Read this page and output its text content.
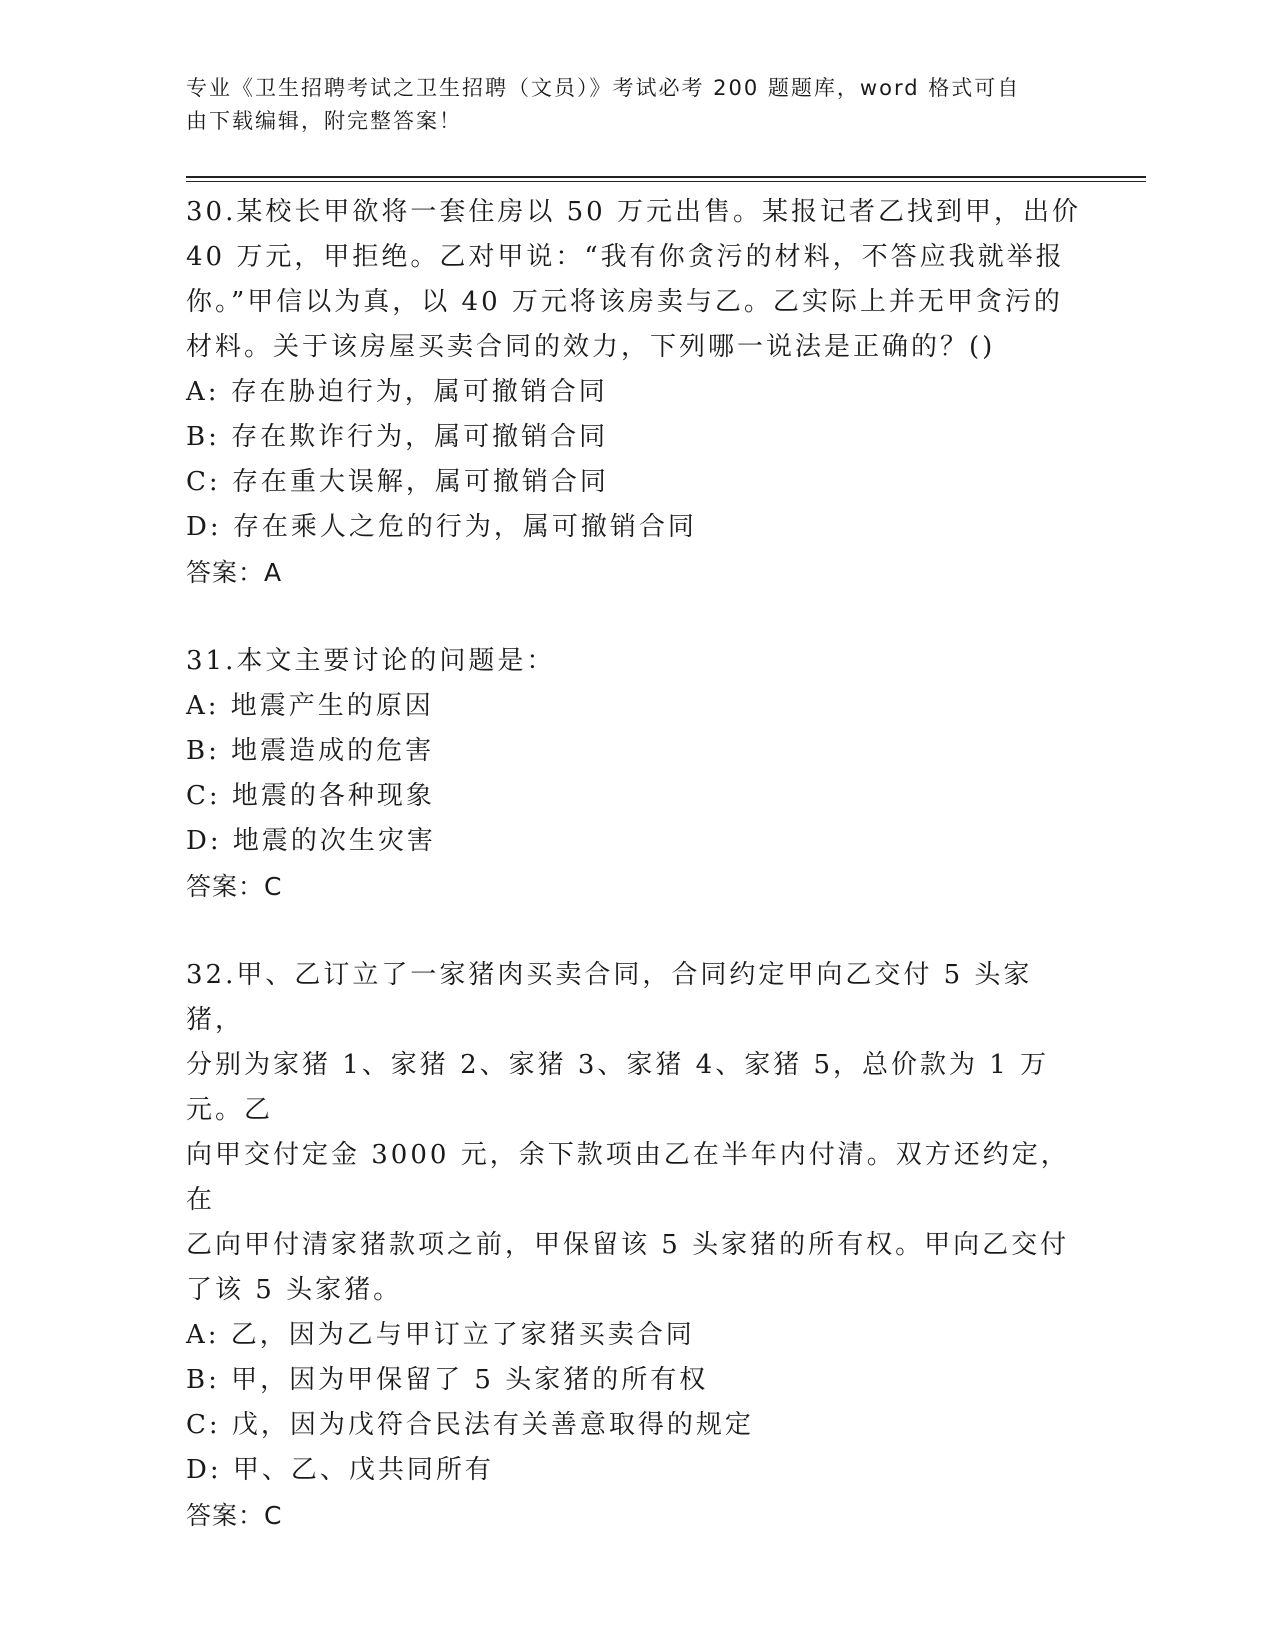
专业《卫生招聘考试之卫生招聘（文员）》考试必考 200 题题库，word 格式可自
由下载编辑，附完整答案！

30.某校长甲欲将一套住房以 50 万元出售。某报记者乙找到甲，出价

40 万元，甲拒绝。乙对甲说：“我有你贪污的材料，不答应我就举报

你。”甲信以为真，以 40 万元将该房卖与乙。乙实际上并无甲贪污的

材料。关于该房屋买卖合同的效力，下列哪一说法是正确的？()

A: 存在胁迫行为，属可撤销合同

B: 存在欺诈行为，属可撤销合同

C: 存在重大误解，属可撤销合同

D: 存在乘人之危的行为，属可撤销合同

答案：A

31.本文主要讨论的问题是：

A: 地震产生的原因

B: 地震造成的危害

C: 地震的各种现象

D: 地震的次生灾害

答案：C

32.甲、乙订立了一家猪肉买卖合同，合同约定甲向乙交付 5 头家猪，

分别为家猪 1、家猪 2、家猪 3、家猪 4、家猪 5，总价款为 1 万元。乙

向甲交付定金 3000 元，余下款项由乙在半年内付清。双方还约定，在

乙向甲付清家猪款项之前，甲保留该 5 头家猪的所有权。甲向乙交付

了该 5 头家猪。

A: 乙，因为乙与甲订立了家猪买卖合同

B: 甲，因为甲保留了 5 头家猪的所有权

C: 戊，因为戊符合民法有关善意取得的规定

D: 甲、乙、戊共同所有

答案：C
